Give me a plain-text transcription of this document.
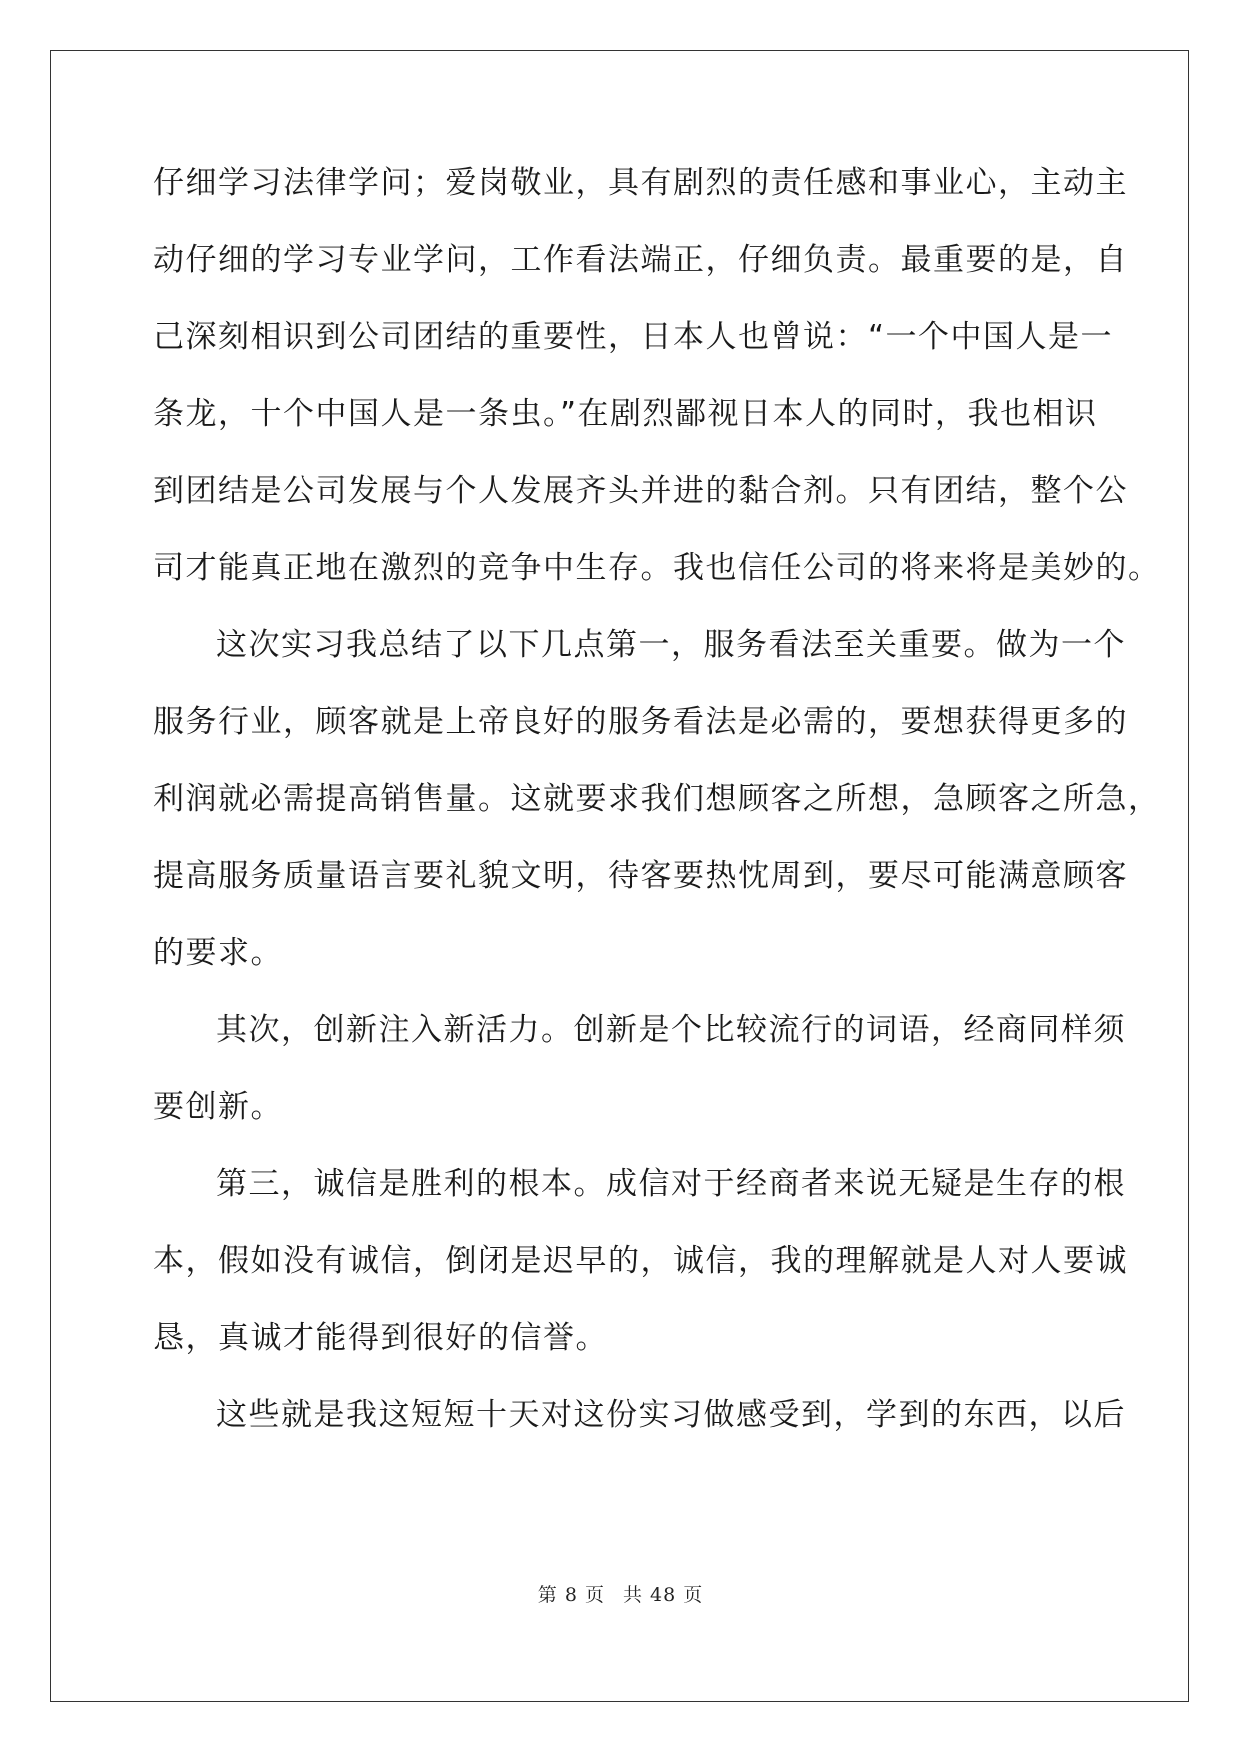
仔细学习法律学问；爱岗敬业，具有剧烈的责任感和事业心，主动主
动仔细的学习专业学问，工作看法端正，仔细负责。最重要的是，自
己深刻相识到公司团结的重要性，日本人也曾说：“一个中国人是一
条龙，十个中国人是一条虫。”在剧烈鄙视日本人的同时，我也相识
到团结是公司发展与个人发展齐头并进的黏合剂。只有团结，整个公
司才能真正地在激烈的竞争中生存。我也信任公司的将来将是美妙的。
这次实习我总结了以下几点第一，服务看法至关重要。做为一个
服务行业，顾客就是上帝良好的服务看法是必需的，要想获得更多的
利润就必需提高销售量。这就要求我们想顾客之所想，急顾客之所急，
提高服务质量语言要礼貌文明，待客要热忱周到，要尽可能满意顾客
的要求。
其次，创新注入新活力。创新是个比较流行的词语，经商同样须
要创新。
第三，诚信是胜利的根本。成信对于经商者来说无疑是生存的根
本，假如没有诚信，倒闭是迟早的，诚信，我的理解就是人对人要诚
恳，真诚才能得到很好的信誉。
这些就是我这短短十天对这份实习做感受到，学到的东西，以后
第 8 页 共 48 页
